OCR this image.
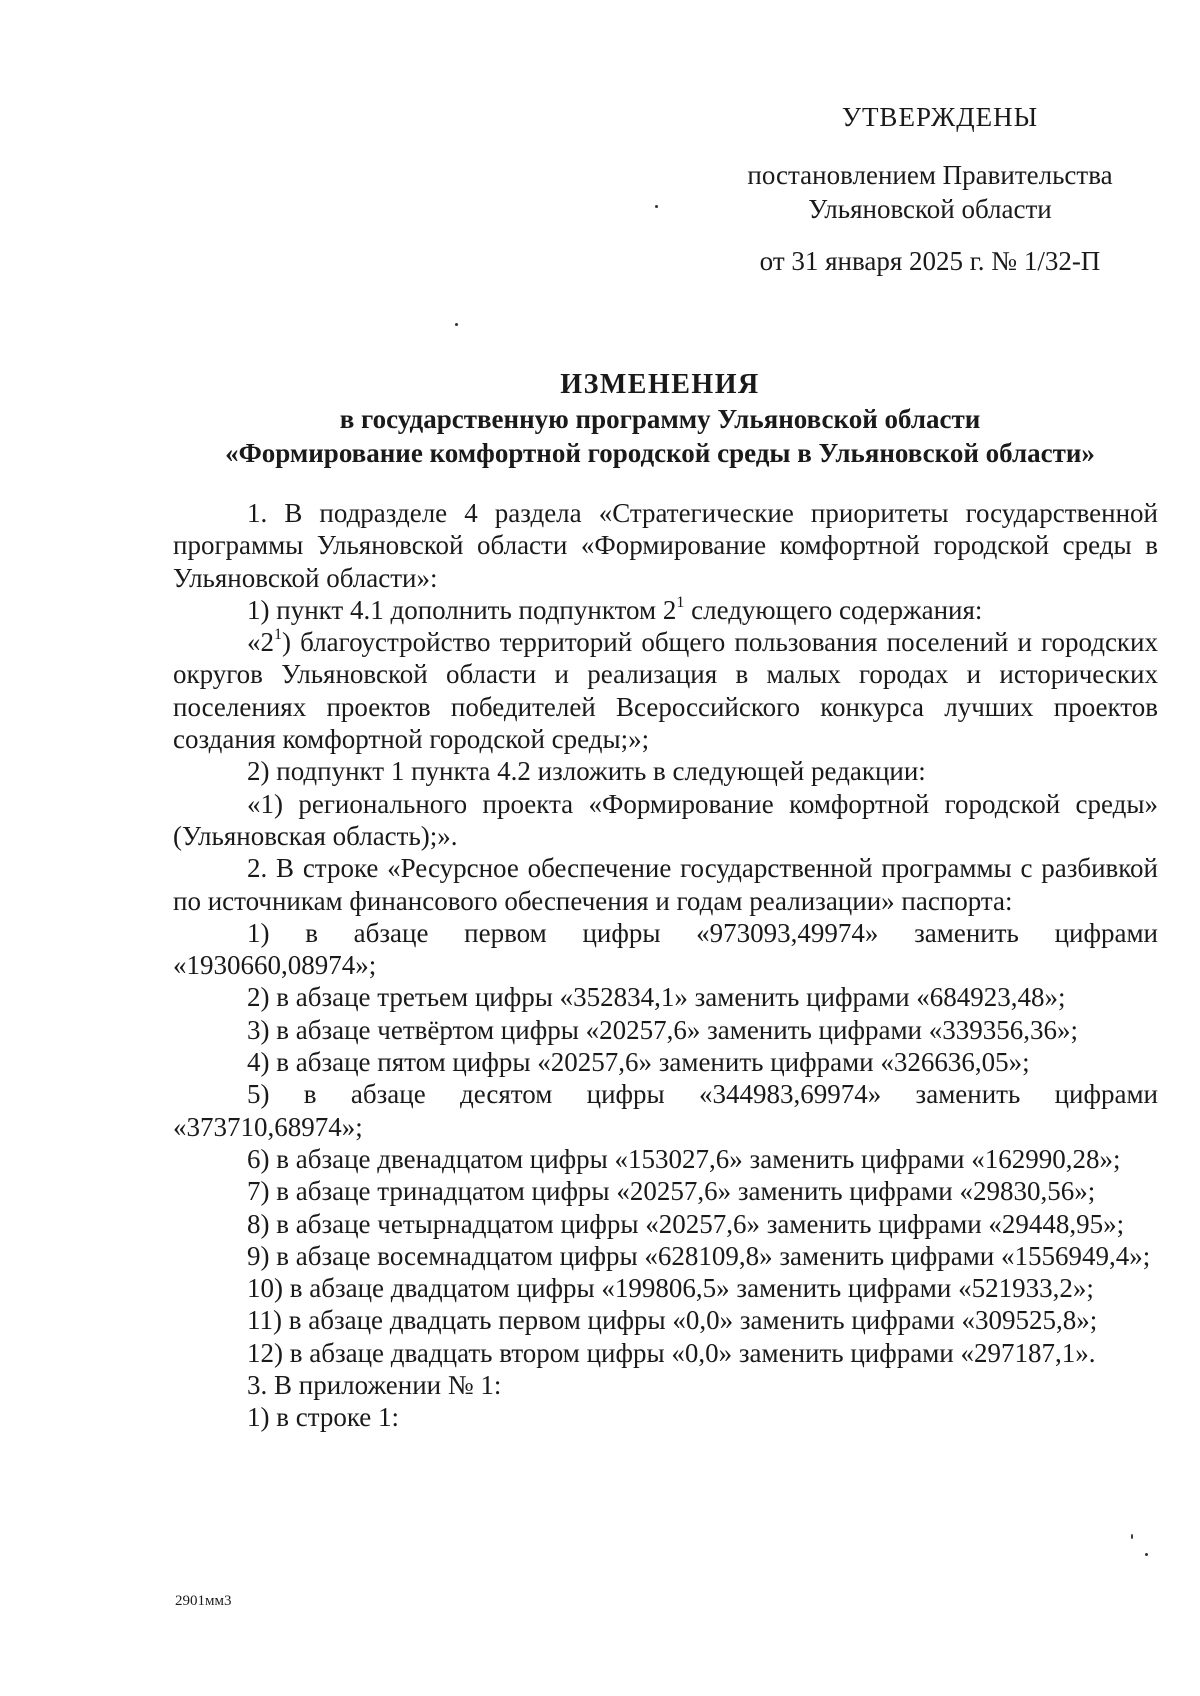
УТВЕРЖДЕНЫ
постановлением Правительства
Ульяновской области
от 31 января 2025 г. № 1/32-П
ИЗМЕНЕНИЯ
в государственную программу Ульяновской области
«Формирование комфортной городской среды в Ульяновской области»

1. В подразделе 4 раздела «Стратегические приоритеты государственной программы Ульяновской области «Формирование комфортной городской среды в Ульяновской области»:

1) пункт 4.1 дополнить подпунктом $2^1$ следующего содержания:

«$2^1$) благоустройство территорий общего пользования поселений и городских округов Ульяновской области и реализация в малых городах и исторических поселениях проектов победителей Всероссийского конкурса лучших проектов создания комфортной городской среды;»;

2) подпункт 1 пункта 4.2 изложить в следующей редакции:

«1) регионального проекта «Формирование комфортной городской среды» (Ульяновская область);».

2. В строке «Ресурсное обеспечение государственной программы с разбивкой по источникам финансового обеспечения и годам реализации» паспорта:

1) в абзаце первом цифры «973093,49974» заменить цифрами «1930660,08974»;

2) в абзаце третьем цифры «352834,1» заменить цифрами «684923,48»;

3) в абзаце четвёртом цифры «20257,6» заменить цифрами «339356,36»;

4) в абзаце пятом цифры «20257,6» заменить цифрами «326636,05»;

5) в абзаце десятом цифры «344983,69974» заменить цифрами «373710,68974»;

6) в абзаце двенадцатом цифры «153027,6» заменить цифрами «162990,28»;

7) в абзаце тринадцатом цифры «20257,6» заменить цифрами «29830,56»;

8) в абзаце четырнадцатом цифры «20257,6» заменить цифрами «29448,95»;

9) в абзаце восемнадцатом цифры «628109,8» заменить цифрами «1556949,4»;

10) в абзаце двадцатом цифры «199806,5» заменить цифрами «521933,2»;

11) в абзаце двадцать первом цифры «0,0» заменить цифрами «309525,8»;

12) в абзаце двадцать втором цифры «0,0» заменить цифрами «297187,1».

3. В приложении № 1:

1) в строке 1:

2901мм3
